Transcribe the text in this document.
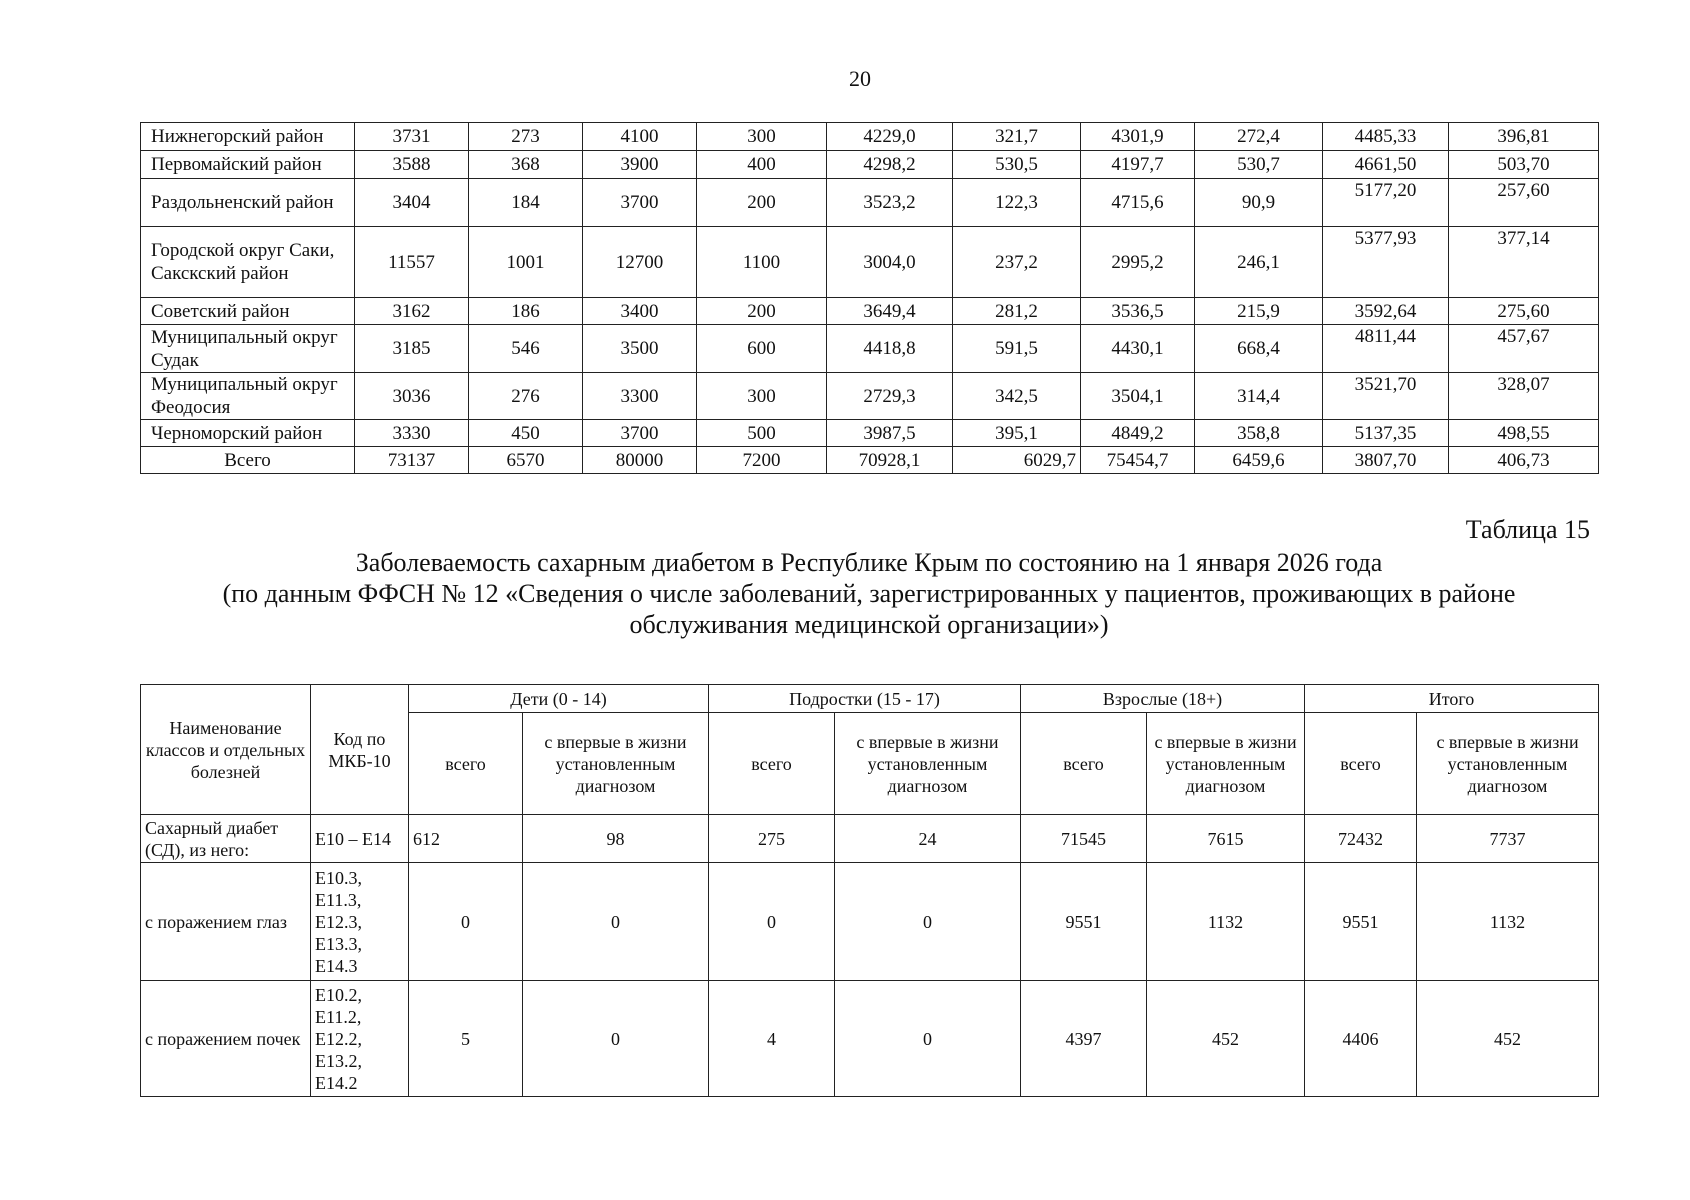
20
Нижнегорский район	3731	273	4100	300	4229,0	321,7	4301,9	272,4	4485,33	396,81
Первомайский район	3588	368	3900	400	4298,2	530,5	4197,7	530,7	4661,50	503,70
Раздольненский район	3404	184	3700	200	3523,2	122,3	4715,6	90,9	5177,20	257,60
Городской округ Саки, Сакскский район	11557	1001	12700	1100	3004,0	237,2	2995,2	246,1	5377,93	377,14
Советский район	3162	186	3400	200	3649,4	281,2	3536,5	215,9	3592,64	275,60
Муниципальный округ Судак	3185	546	3500	600	4418,8	591,5	4430,1	668,4	4811,44	457,67
Муниципальный округ Феодосия	3036	276	3300	300	2729,3	342,5	3504,1	314,4	3521,70	328,07
Черноморский район	3330	450	3700	500	3987,5	395,1	4849,2	358,8	5137,35	498,55
Всего	73137	6570	80000	7200	70928,1	6029,7	75454,7	6459,6	3807,70	406,73
Таблица 15
Заболеваемость сахарным диабетом в Республике Крым по состоянию на 1 января 2026 года
(по данным ФФСН № 12 «Сведения о числе заболеваний, зарегистрированных у пациентов, проживающих в районе
обслуживания медицинской организации»)
Наименование классов и отдельных болезней	Код по МКБ-10	Дети (0 - 14)		Подростки (15 - 17)		Взрослые (18+)		Итого	
		всего	с впервые в жизни установленным диагнозом	всего	с впервые в жизни установленным диагнозом	всего	с впервые в жизни установленным диагнозом	всего	с впервые в жизни установленным диагнозом
Сахарный диабет (СД), из него:	Е10 – Е14	612	98	275	24	71545	7615	72432	7737
с поражением глаз	Е10.3, Е11.3, Е12.3, Е13.3, Е14.3	0	0	0	0	9551	1132	9551	1132
с поражением почек	Е10.2, Е11.2, Е12.2, Е13.2, Е14.2	5	0	4	0	4397	452	4406	452
